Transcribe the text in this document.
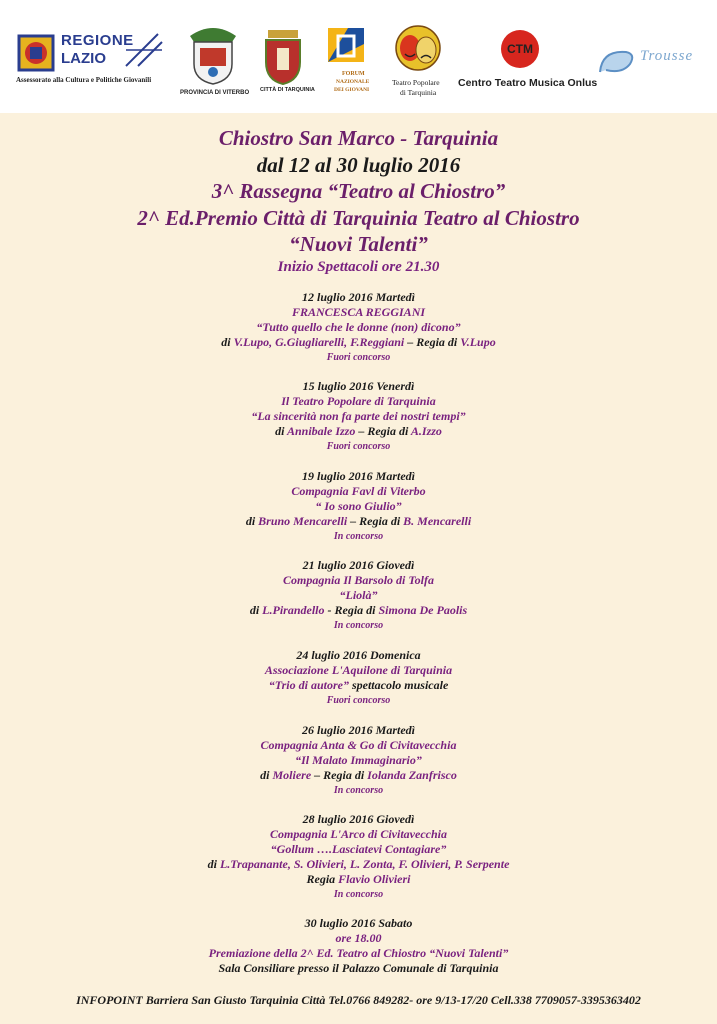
REGIONE
LAZIO
Assessorato alla Cultura e Politiche Giovanili
PROVINCIA DI VITERBO	CITTÀ DI TARQUINIA
FORUM
NAZIONALE
DEI GIOVANI
Teatro Popolare
di Tarquinia
CTM
Centro Teatro Musica Onlus
Trousse
Chiostro San Marco - Tarquinia
dal 12 al 30 luglio 2016
3^ Rassegna “Teatro al Chiostro”
2^ Ed.Premio Città di Tarquinia Teatro al Chiostro
“Nuovi Talenti”
Inizio Spettacoli ore 21.30
12 luglio 2016 Martedì
FRANCESCA REGGIANI
“Tutto quello che le donne (non) dicono”
di V.Lupo, G.Giugliarelli, F.Reggiani – Regia di V.Lupo
Fuori concorso
15 luglio 2016 Venerdì
Il Teatro Popolare di Tarquinia
“La sincerità non fa parte dei nostri tempi”
di Annibale Izzo – Regia di A.Izzo
Fuori concorso
19 luglio 2016 Martedì
Compagnia Favl di Viterbo
“ Io sono Giulio”
di Bruno Mencarelli – Regia di B. Mencarelli
In concorso
21 luglio 2016 Giovedì
Compagnia Il Barsolo di Tolfa
“Liolà”
di L.Pirandello - Regia di Simona De Paolis
In concorso
24 luglio 2016 Domenica
Associazione L'Aquilone di Tarquinia
“Trio di autore” spettacolo musicale
Fuori concorso
26 luglio 2016 Martedì
Compagnia Anta & Go di Civitavecchia
“Il Malato Immaginario”
di Moliere – Regia di Iolanda Zanfrisco
In concorso
28 luglio 2016 Giovedì
Compagnia L'Arco di Civitavecchia
“Gollum ….Lasciatevi Contagiare”
di L.Trapanante, S. Olivieri, L. Zonta, F. Olivieri, P. Serpente
Regia Flavio Olivieri
In concorso
30 luglio 2016 Sabato
ore 18.00
Premiazione della 2^ Ed. Teatro al Chiostro “Nuovi Talenti”
Sala Consiliare presso il Palazzo Comunale di Tarquinia
INFOPOINT Barriera San Giusto Tarquinia Città Tel.0766 849282- ore 9/13-17/20 Cell.338 7709057-3395363402
